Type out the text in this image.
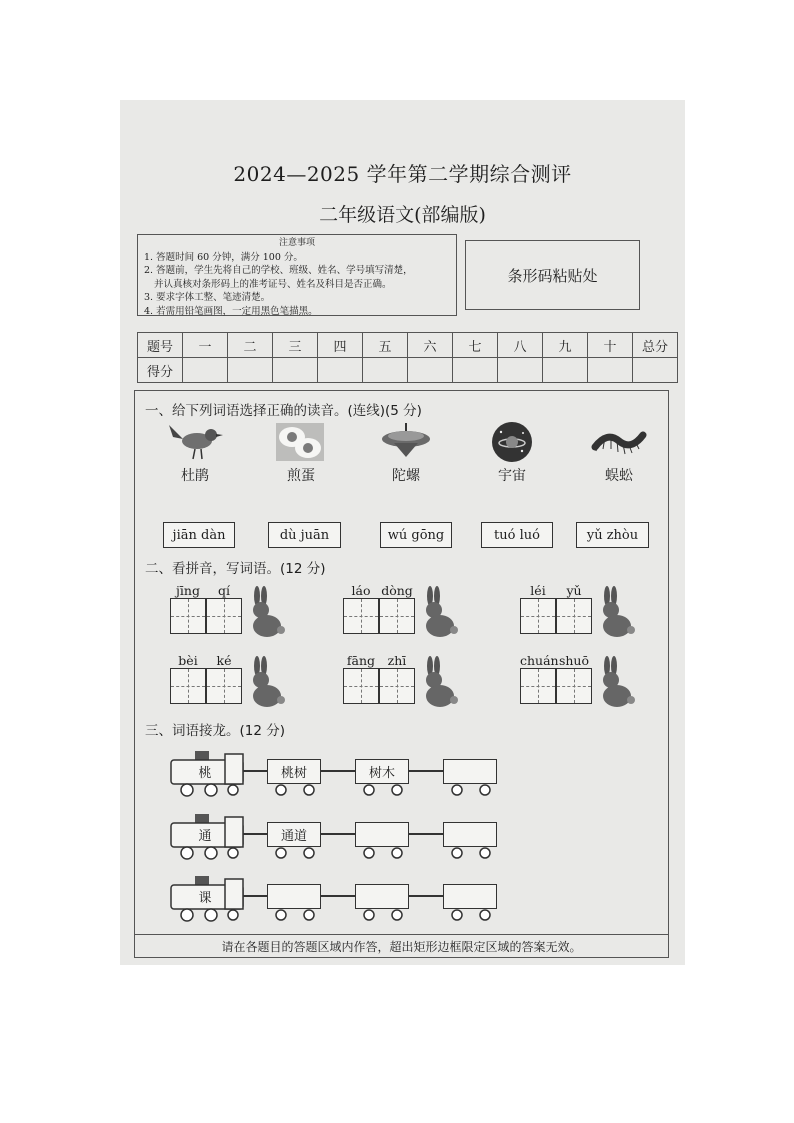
2024—2025 学年第二学期综合测评
二年级语文(部编版)
注意事项
1. 答题时间 60 分钟，满分 100 分。
2. 答题前，学生先将自己的学校、班级、姓名、学号填写清楚，
并认真核对条形码上的准考证号、姓名及科目是否正确。
3. 要求字体工整、笔迹清楚。
4. 若需用铅笔画图，一定用黑色笔描黑。
条形码粘贴处
题号	一	二	三	四	五	六	七	八	九	十	总分
得分											
一、给下列词语选择正确的读音。(连线)(5 分)
杜鹃	煎蛋	陀螺	宇宙	蜈蚣
jiān dàn	dù juān	wú gōng	tuó luó	yǔ zhòu
二、看拼音，写词语。(12 分)
jīng	qí	láo dòng	léi	yǔ
bèi	ké	fāng	zhī	chuán shuō
三、词语接龙。(12 分)
桃	桃树	树木
通	通道
课
请在各题目的答题区域内作答，超出矩形边框限定区域的答案无效。
